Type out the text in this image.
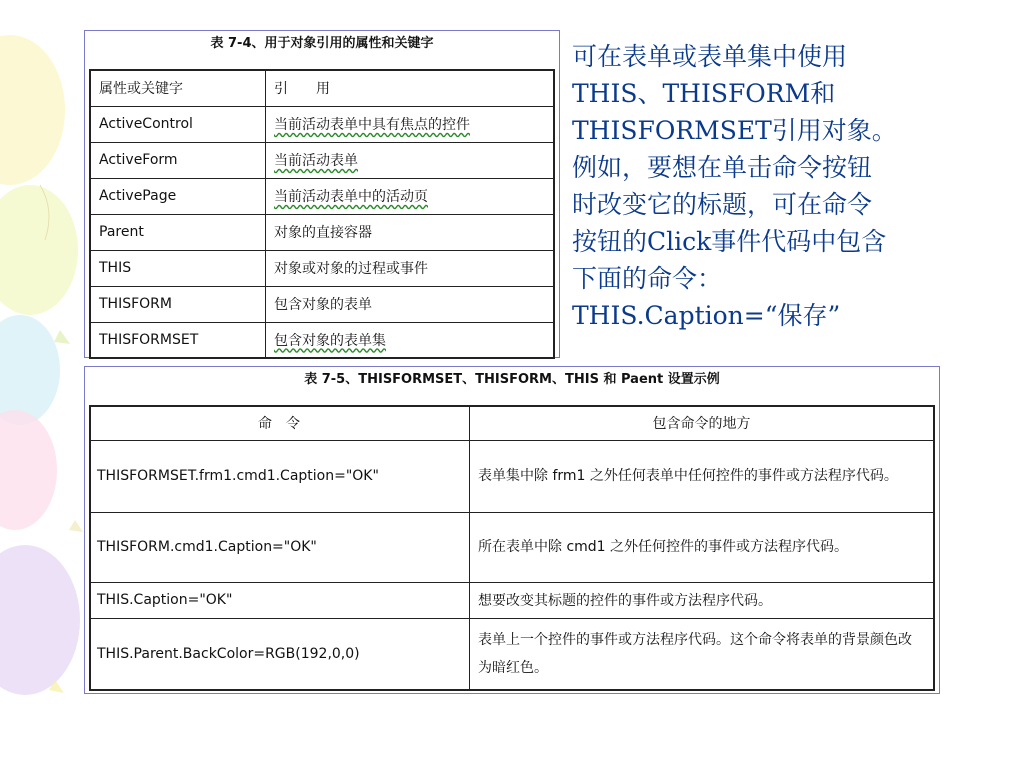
表 7-4、用于对象引用的属性和关键字
属性或关键字	引　　用
ActiveControl	当前活动表单中具有焦点的控件
ActiveForm	当前活动表单
ActivePage	当前活动表单中的活动页
Parent	对象的直接容器
THIS	对象或对象的过程或事件
THISFORM	包含对象的表单
THISFORMSET	包含对象的表单集
可在表单或表单集中使用
THIS、THISFORM和
THISFORMSET引用对象。
例如，要想在单击命令按钮
时改变它的标题，可在命令
按钮的Click事件代码中包含
下面的命令：
THIS.Caption=“保存”
表 7-5、THISFORMSET、THISFORM、THIS 和 Paent 设置示例
命　令	包含命令的地方
THISFORMSET.frm1.cmd1.Caption="OK"	表单集中除 frm1 之外任何表单中任何控件的事件或方法程序代码。
THISFORM.cmd1.Caption="OK"	所在表单中除 cmd1 之外任何控件的事件或方法程序代码。
THIS.Caption="OK"	想要改变其标题的控件的事件或方法程序代码。
THIS.Parent.BackColor=RGB(192,0,0)	表单上一个控件的事件或方法程序代码。这个命令将表单的背景颜色改为暗红色。
